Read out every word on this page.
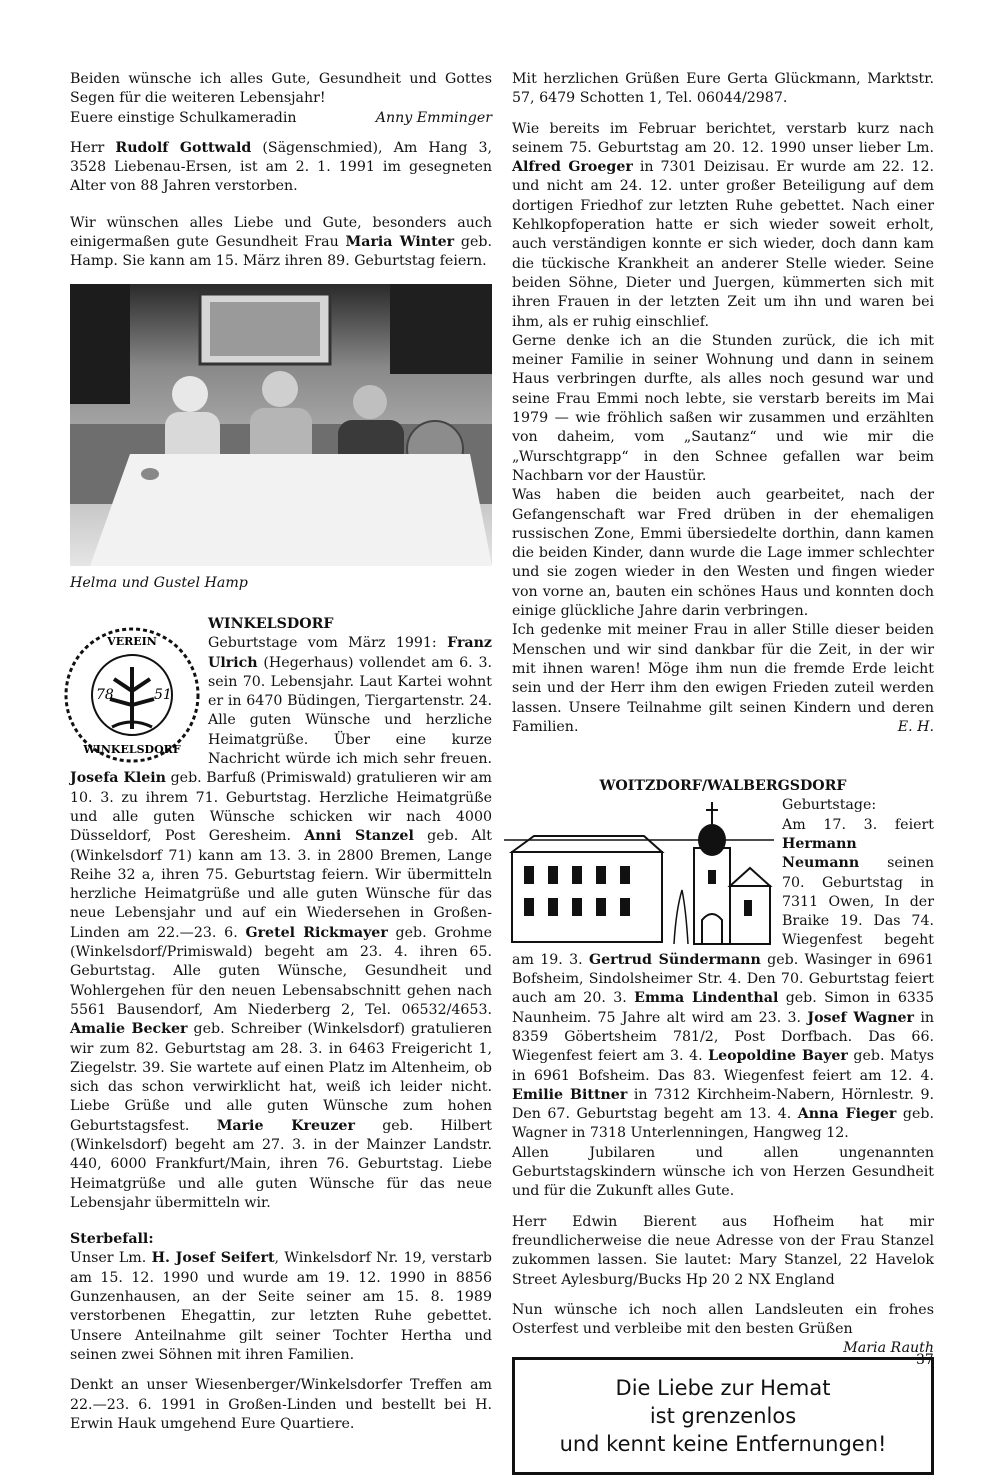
Beiden wünsche ich alles Gute, Gesundheit und Gottes Segen für die weiteren Lebensjahr!

Anny Emminger
Euere einstige Schulkameradin

Herr Rudolf Gottwald (Sägenschmied), Am Hang 3, 3528 Liebenau-Ersen, ist am 2. 1. 1991 im gesegneten Alter von 88 Jahren verstorben.

Wir wünschen alles Liebe und Gute, besonders auch einigermaßen gute Gesundheit Frau Maria Winter geb. Hamp. Sie kann am 15. März ihren 89. Geburtstag feiern.

Helma und Gustel Hamp

78	51
VEREIN
WINKELSDORF

WINKELSDORF

Geburtstage vom März 1991: Franz Ulrich (Hegerhaus) vollendet am 6. 3. sein 70. Lebensjahr. Laut Kartei wohnt er in 6470 Büdingen, Tiergartenstr. 24. Alle guten Wünsche und herzliche Heimatgrüße. Über eine kurze Nachricht würde ich mich sehr freuen. Josefa Klein geb. Barfuß (Primiswald) gratulieren wir am 10. 3. zu ihrem 71. Geburtstag. Herzliche Heimatgrüße und alle guten Wünsche schicken wir nach 4000 Düsseldorf, Post Geresheim. Anni Stanzel geb. Alt (Winkelsdorf 71) kann am 13. 3. in 2800 Bremen, Lange Reihe 32 a, ihren 75. Geburtstag feiern. Wir übermitteln herzliche Heimatgrüße und alle guten Wünsche für das neue Lebensjahr und auf ein Wiedersehen in Großen-Linden am 22.—23. 6. Gretel Rickmayer geb. Grohme (Winkelsdorf/Primiswald) begeht am 23. 4. ihren 65. Geburtstag. Alle guten Wünsche, Gesundheit und Wohlergehen für den neuen Lebensabschnitt gehen nach 5561 Bausendorf, Am Niederberg 2, Tel. 06532/4653. Amalie Becker geb. Schreiber (Winkelsdorf) gratulieren wir zum 82. Geburtstag am 28. 3. in 6463 Freigericht 1, Ziegelstr. 39. Sie wartete auf einen Platz im Altenheim, ob sich das schon verwirklicht hat, weiß ich leider nicht. Liebe Grüße und alle guten Wünsche zum hohen Geburtstagsfest. Marie Kreuzer geb. Hilbert (Winkelsdorf) begeht am 27. 3. in der Mainzer Landstr. 440, 6000 Frankfurt/Main, ihren 76. Geburtstag. Liebe Heimatgrüße und alle guten Wünsche für das neue Lebensjahr übermitteln wir.

Sterbefall:

Unser Lm. H. Josef Seifert, Winkelsdorf Nr. 19, verstarb am 15. 12. 1990 und wurde am 19. 12. 1990 in 8856 Gunzenhausen, an der Seite seiner am 15. 8. 1989 verstorbenen Ehegattin, zur letzten Ruhe gebettet. Unsere Anteilnahme gilt seiner Tochter Hertha und seinen zwei Söhnen mit ihren Familien.

Denkt an unser Wiesenberger/Winkelsdorfer Treffen am 22.—23. 6. 1991 in Großen-Linden und bestellt bei H. Erwin Hauk umgehend Eure Quartiere.

Mit herzlichen Grüßen Eure Gerta Glückmann, Marktstr. 57, 6479 Schotten 1, Tel. 06044/2987.

Wie bereits im Februar berichtet, verstarb kurz nach seinem 75. Geburtstag am 20. 12. 1990 unser lieber Lm. Alfred Groeger in 7301 Deizisau. Er wurde am 22. 12. und nicht am 24. 12. unter großer Beteiligung auf dem dortigen Friedhof zur letzten Ruhe gebettet. Nach einer Kehlkopfoperation hatte er sich wieder soweit erholt, auch verständigen konnte er sich wieder, doch dann kam die tückische Krankheit an anderer Stelle wieder. Seine beiden Söhne, Dieter und Juergen, kümmerten sich mit ihren Frauen in der letzten Zeit um ihn und waren bei ihm, als er ruhig einschlief.

Gerne denke ich an die Stunden zurück, die ich mit meiner Familie in seiner Wohnung und dann in seinem Haus verbringen durfte, als alles noch gesund war und seine Frau Emmi noch lebte, sie verstarb bereits im Mai 1979 — wie fröhlich saßen wir zusammen und erzählten von daheim, vom „Sautanz“ und wie mir die „Wurschtgrapp“ in den Schnee gefallen war beim Nachbarn vor der Haustür.

Was haben die beiden auch gearbeitet, nach der Gefangenschaft war Fred drüben in der ehemaligen russischen Zone, Emmi übersiedelte dorthin, dann kamen die beiden Kinder, dann wurde die Lage immer schlechter und sie zogen wieder in den Westen und fingen wieder von vorne an, bauten ein schönes Haus und konnten doch einige glückliche Jahre darin verbringen.

Ich gedenke mit meiner Frau in aller Stille dieser beiden Menschen und wir sind dankbar für die Zeit, in der wir mit ihnen waren! Möge ihm nun die fremde Erde leicht sein und der Herr ihm den ewigen Frieden zuteil werden lassen. Unsere Teilnahme gilt seinen Kindern und deren Familien.	E. H.

WOITZDORF/WALBERGSDORF

Geburtstage:
Am 17. 3. feiert Hermann Neumann seinen 70. Geburtstag in 7311 Owen, In der Braike 19. Das 74. Wiegenfest begeht am 19. 3. Gertrud Sündermann geb. Wasinger in 6961 Bofsheim, Sindolsheimer Str. 4. Den 70. Geburtstag feiert auch am 20. 3. Emma Lindenthal geb. Simon in 6335 Naunheim. 75 Jahre alt wird am 23. 3. Josef Wagner in 8359 Göbertsheim 781/2, Post Dorfbach. Das 66. Wiegenfest feiert am 3. 4. Leopoldine Bayer geb. Matys in 6961 Bofsheim. Das 83. Wiegenfest feiert am 12. 4. Emilie Bittner in 7312 Kirchheim-Nabern, Hörnlestr. 9. Den 67. Geburtstag begeht am 13. 4. Anna Fieger geb. Wagner in 7318 Unterlenningen, Hangweg 12.

Allen Jubilaren und allen ungenannten Geburtstagskindern wünsche ich von Herzen Gesundheit und für die Zukunft alles Gute.

Herr Edwin Bierent aus Hofheim hat mir freundlicherweise die neue Adresse von der Frau Stanzel zukommen lassen. Sie lautet: Mary Stanzel, 22 Havelok Street Aylesburg/Bucks Hp 20 2 NX England

Nun wünsche ich noch allen Landsleuten ein frohes Osterfest und verbleibe mit den besten Grüßen
Maria Rauth

Die Liebe zur Hemat
ist grenzenlos
und kennt keine Entfernungen!
37
